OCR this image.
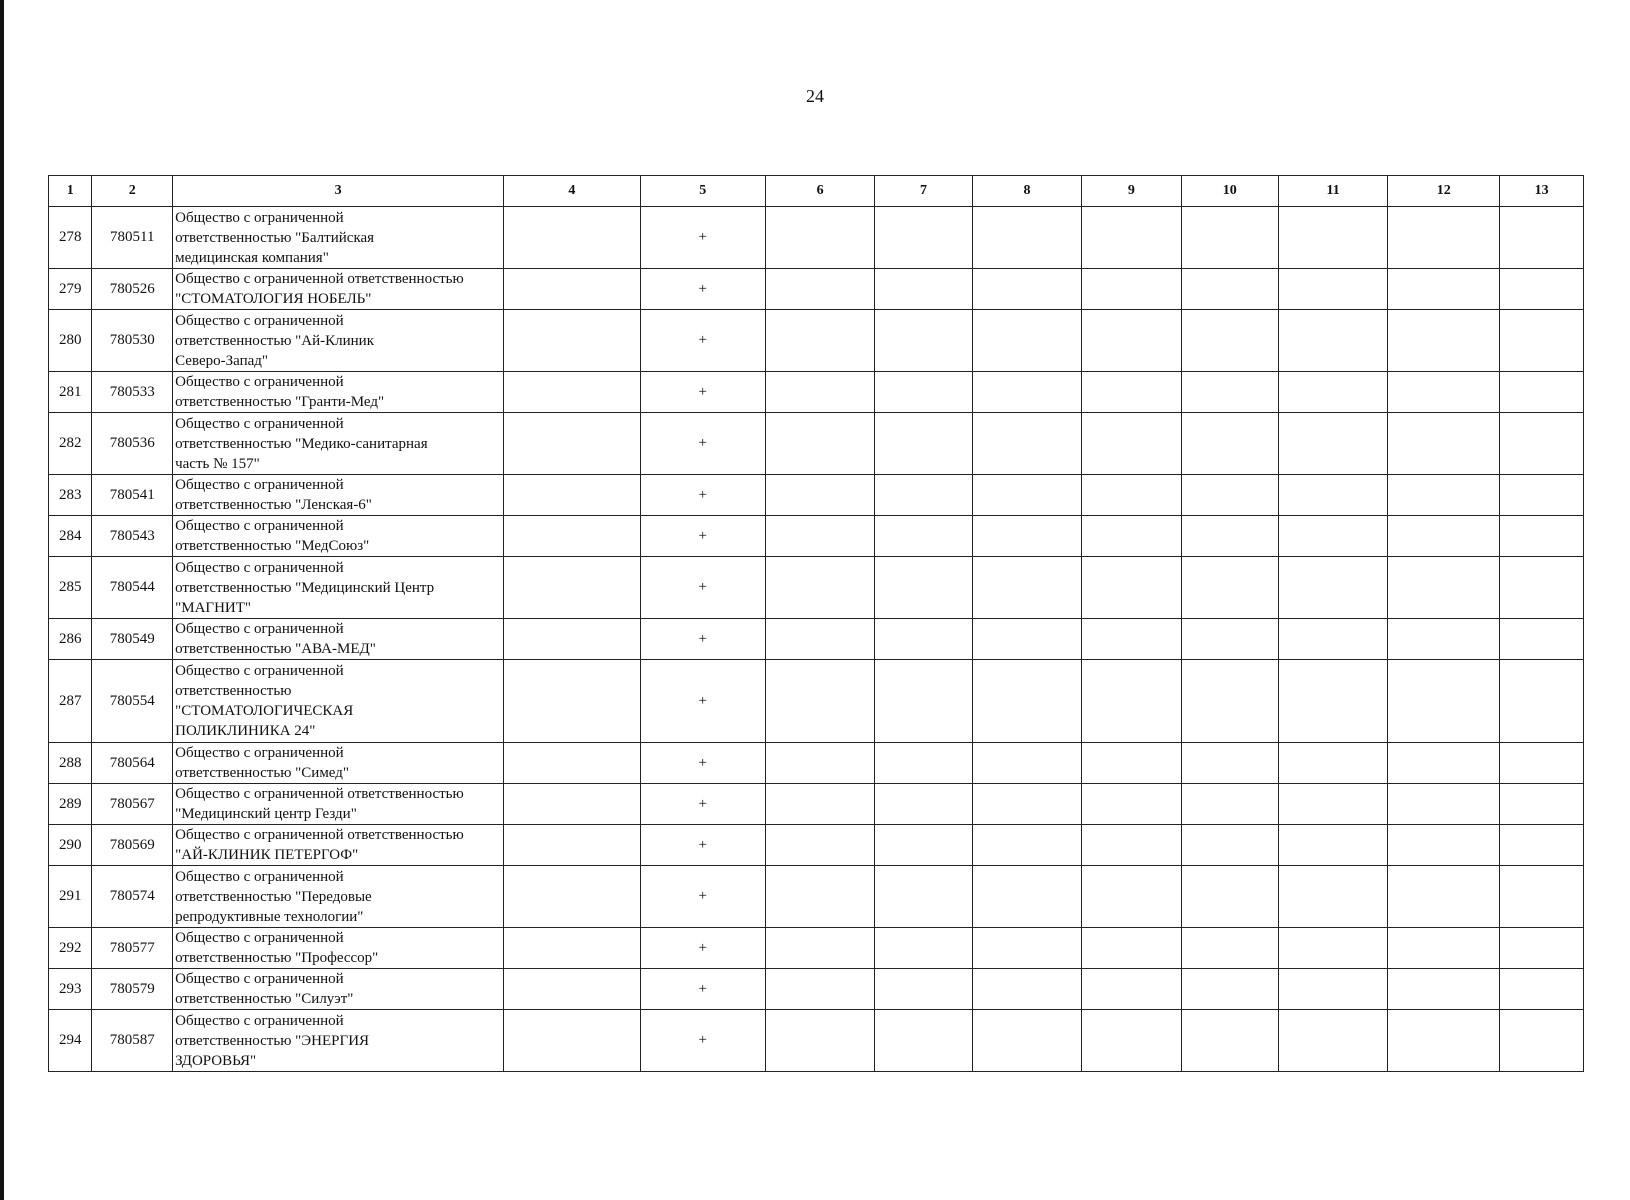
24
1	2	3	4	5	6	7	8	9	10	11	12	13
278	780511	Общество с ограниченной
ответственностью "Балтийская
медицинская компания"		+								
279	780526	Общество с ограниченной ответственностью
"СТОМАТОЛОГИЯ НОБЕЛЬ"		+								
280	780530	Общество с ограниченной
ответственностью "Ай-Клиник
Северо-Запад"		+								
281	780533	Общество с ограниченной
ответственностью "Гранти-Мед"		+								
282	780536	Общество с ограниченной
ответственностью "Медико-санитарная
часть № 157"		+								
283	780541	Общество с ограниченной
ответственностью "Ленская-6"		+								
284	780543	Общество с ограниченной
ответственностью "МедСоюз"		+								
285	780544	Общество с ограниченной
ответственностью "Медицинский Центр
"МАГНИТ"		+								
286	780549	Общество с ограниченной
ответственностью "АВА-МЕД"		+								
287	780554	Общество с ограниченной
ответственностью
"СТОМАТОЛОГИЧЕСКАЯ
ПОЛИКЛИНИКА 24"		+								
288	780564	Общество с ограниченной
ответственностью "Симед"		+								
289	780567	Общество с ограниченной ответственностью
"Медицинский центр Гезди"		+								
290	780569	Общество с ограниченной ответственностью
"АЙ-КЛИНИК ПЕТЕРГОФ"		+								
291	780574	Общество с ограниченной
ответственностью "Передовые
репродуктивные технологии"		+								
292	780577	Общество с ограниченной
ответственностью "Профессор"		+								
293	780579	Общество с ограниченной
ответственностью "Силуэт"		+								
294	780587	Общество с ограниченной
ответственностью "ЭНЕРГИЯ
ЗДОРОВЬЯ"		+								
